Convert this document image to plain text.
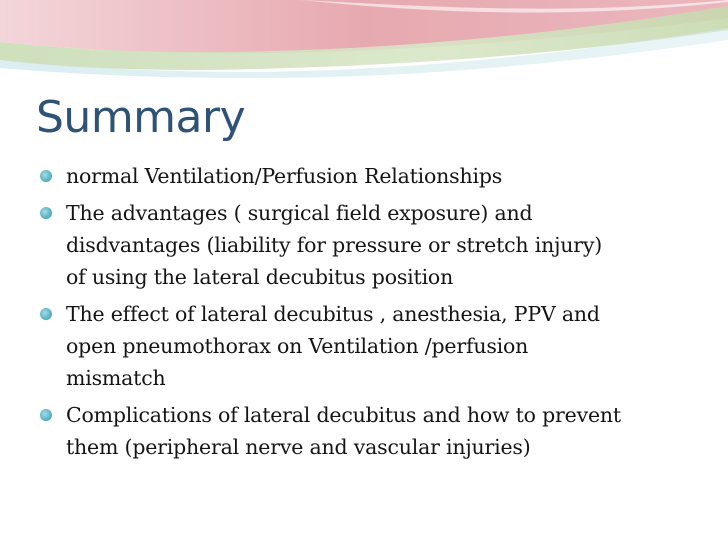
Summary
normal Ventilation/Perfusion Relationships
The advantages ( surgical field exposure) and
disdvantages (liability for pressure or stretch injury)
of using the lateral decubitus position
The effect of lateral decubitus , anesthesia, PPV and
open pneumothorax on Ventilation /perfusion
mismatch
Complications of lateral decubitus and how to prevent
them (peripheral nerve and vascular injuries)
